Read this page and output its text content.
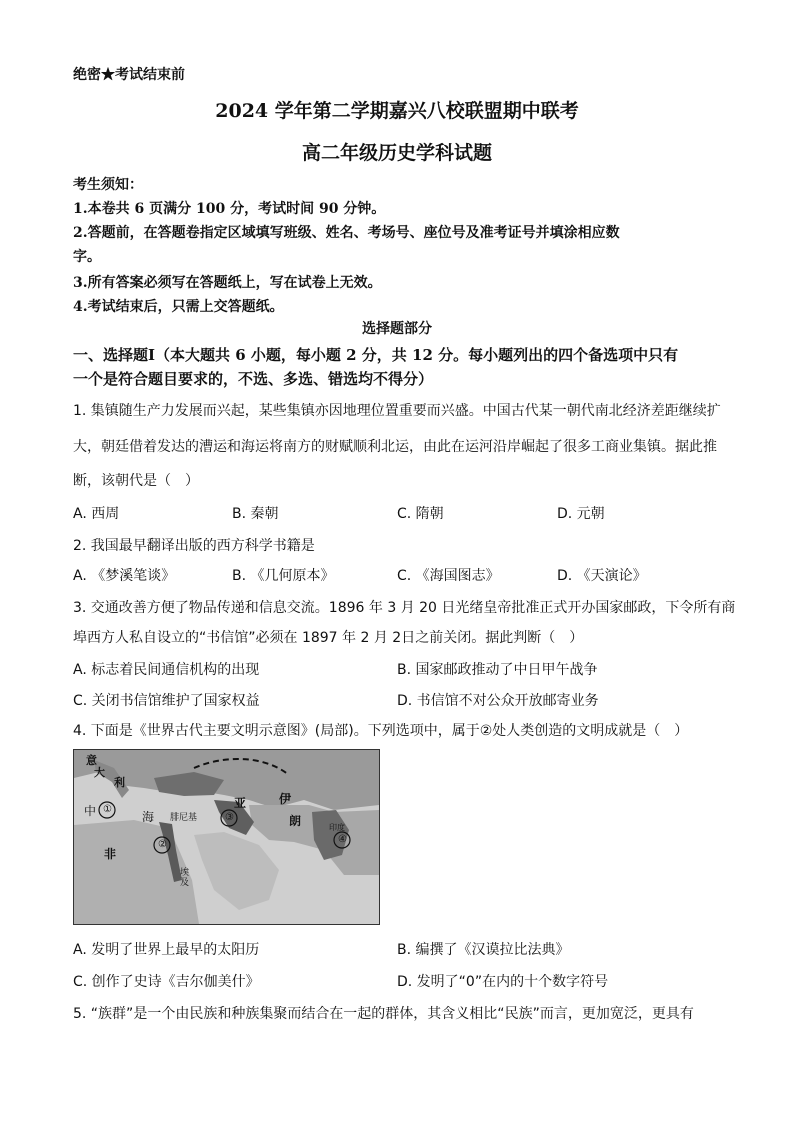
绝密★考试结束前
2024 学年第二学期嘉兴八校联盟期中联考
高二年级历史学科试题
考生须知：
1.本卷共 6 页满分 100 分，考试时间 90 分钟。
2.答题前，在答题卷指定区域填写班级、姓名、考场号、座位号及准考证号并填涂相应数
字。
3.所有答案必须写在答题纸上，写在试卷上无效。
4.考试结束后，只需上交答题纸。
选择题部分
一、选择题Ⅰ（本大题共 6 小题，每小题 2 分，共 12 分。每小题列出的四个备选项中只有
一个是符合题目要求的，不选、多选、错选均不得分）
1. 集镇随生产力发展而兴起，某些集镇亦因地理位置重要而兴盛。中国古代某一朝代南北经济差距继续扩
大，朝廷借着发达的漕运和海运将南方的财赋顺利北运，由此在运河沿岸崛起了很多工商业集镇。据此推
断，该朝代是（　）
A. 西周	B. 秦朝	C. 隋朝	D. 元朝
2. 我国最早翻译出版的西方科学书籍是
A. 《梦溪笔谈》	B. 《几何原本》	C. 《海国图志》	D. 《天演论》
3. 交通改善方便了物品传递和信息交流。1896 年 3 月 20 日光绪皇帝批准正式开办国家邮政，下令所有商
埠西方人私自设立的“书信馆”必须在 1897 年 2 月 2日之前关闭。据此判断（　）
A. 标志着民间通信机构的出现	B. 国家邮政推动了中日甲午战争
C. 关闭书信馆维护了国家权益	D. 书信馆不对公众开放邮寄业务
4. 下面是《世界古代主要文明示意图》(局部)。下列选项中，属于②处人类创造的文明成就是（　）
意
大
利
中	海 腓尼基
亚	伊
朗
非
埃及
①
②
③
④
印度
A. 发明了世界上最早的太阳历	B. 编撰了《汉谟拉比法典》
C. 创作了史诗《吉尔伽美什》	D. 发明了“0”在内的十个数字符号
5. “族群”是一个由民族和种族集聚而结合在一起的群体，其含义相比“民族”而言，更加宽泛，更具有
